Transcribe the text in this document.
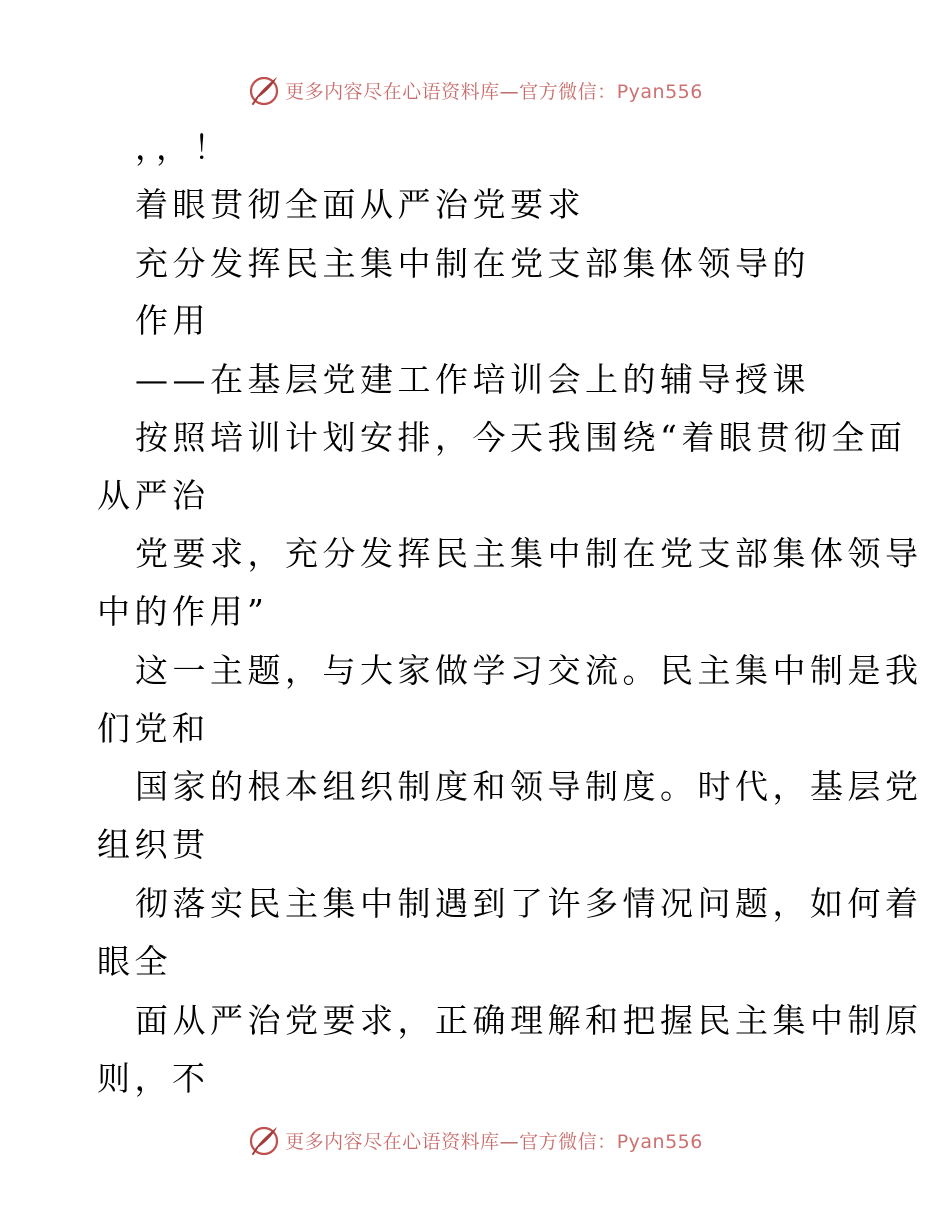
更多内容尽在心语资料库—官方微信：Pyan556
，，！
着眼贯彻全面从严治党要求
充分发挥民主集中制在党支部集体领导的
作用
——在基层党建工作培训会上的辅导授课
按照培训计划安排，今天我围绕“着眼贯彻全面
从严治
党要求，充分发挥民主集中制在党支部集体领导
中的作用”
这一主题，与大家做学习交流。民主集中制是我
们党和
国家的根本组织制度和领导制度。时代，基层党
组织贯
彻落实民主集中制遇到了许多情况问题，如何着
眼全
面从严治党要求，正确理解和把握民主集中制原
则，不
更多内容尽在心语资料库—官方微信：Pyan556
